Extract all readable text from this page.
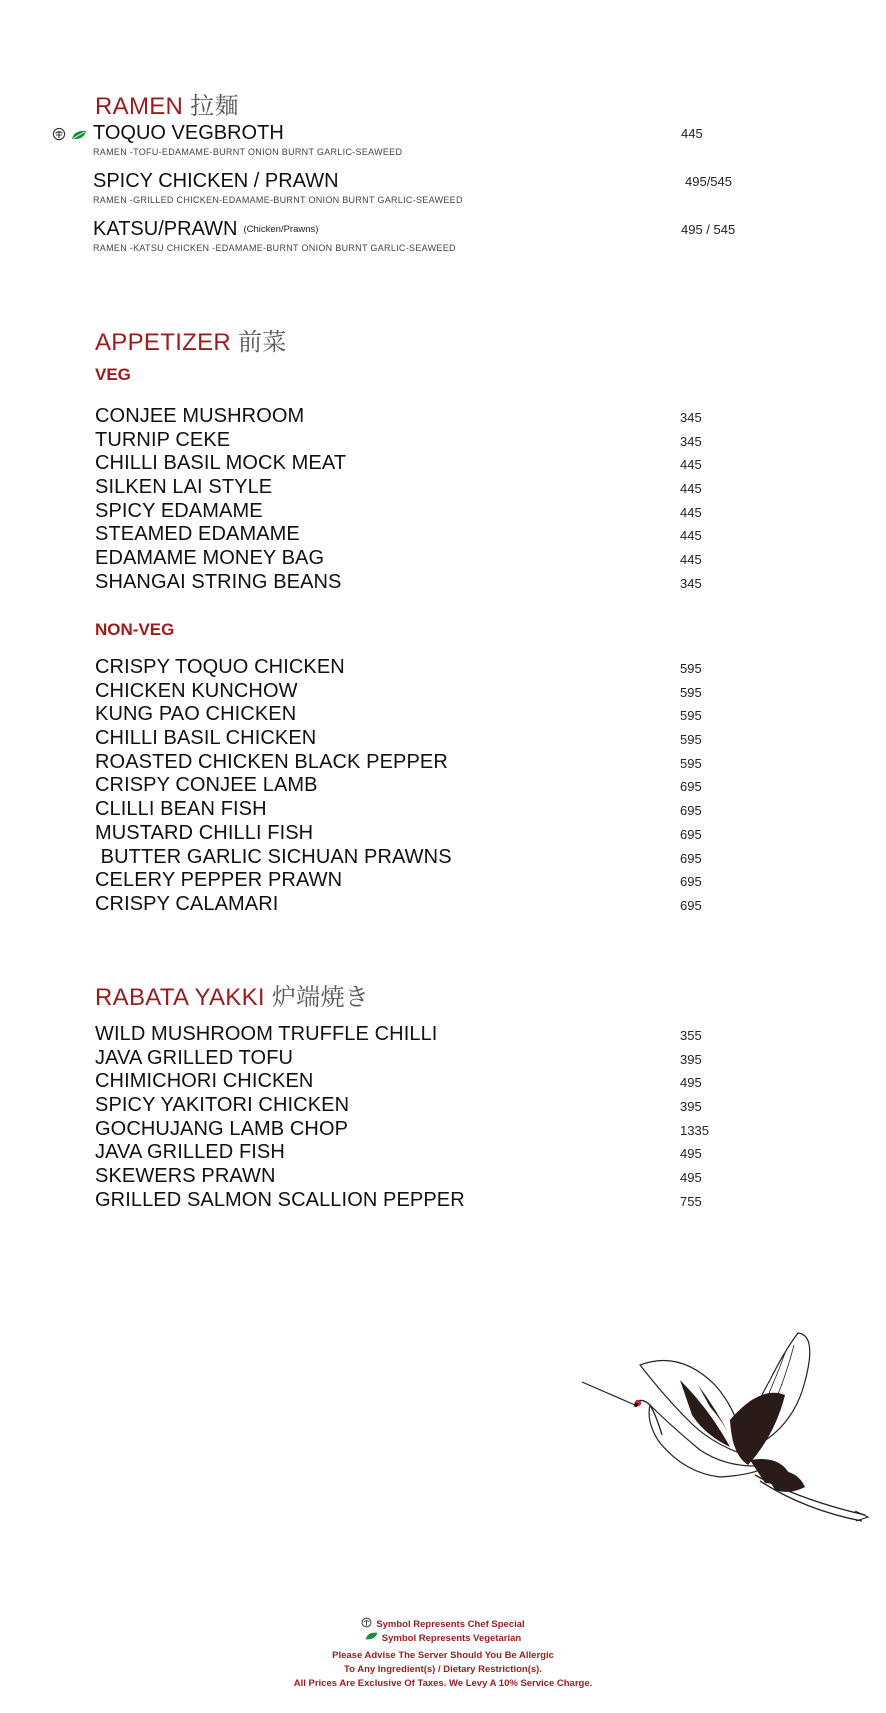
RAMEN 拉麺
TOQUO VEGBROTH
RAMEN -TOFU-EDAMAME-BURNT ONION BURNT GARLIC-SEAWEED
445
SPICY CHICKEN / PRAWN
RAMEN -GRILLED CHICKEN-EDAMAME-BURNT ONION BURNT GARLIC-SEAWEED
495/545
KATSU/PRAWN (Chicken/Prawns)
RAMEN -KATSU CHICKEN -EDAMAME-BURNT ONION BURNT GARLIC-SEAWEED
495 / 545
APPETIZER 前菜
VEG
CONJEE MUSHROOM	345
TURNIP CEKE	345
CHILLI BASIL MOCK MEAT	445
SILKEN LAI STYLE	445
SPICY EDAMAME	445
STEAMED EDAMAME	445
EDAMAME MONEY BAG	445
SHANGAI STRING BEANS	345
NON-VEG
CRISPY TOQUO CHICKEN	595
CHICKEN KUNCHOW	595
KUNG PAO CHICKEN	595
CHILLI BASIL CHICKEN	595
ROASTED CHICKEN BLACK PEPPER	595
CRISPY CONJEE LAMB	695
CLILLI BEAN FISH	695
MUSTARD CHILLI FISH	695
BUTTER GARLIC SICHUAN PRAWNS	695
CELERY PEPPER PRAWN	695
CRISPY CALAMARI	695
RABATA YAKKI 炉端焼き
WILD MUSHROOM TRUFFLE CHILLI	355
JAVA GRILLED TOFU	395
CHIMICHORI CHICKEN	495
SPICY YAKITORI CHICKEN	395
GOCHUJANG LAMB CHOP	1335
JAVA GRILLED FISH	495
SKEWERS PRAWN	495
GRILLED SALMON SCALLION PEPPER	755
Symbol Represents Chef Special
Symbol Represents Vegetarian
Please Advise The Server Should You Be Allergic
To Any Ingredient(s) / Dietary Restriction(s).
All Prices Are Exclusive Of Taxes. We Levy A 10% Service Charge.
